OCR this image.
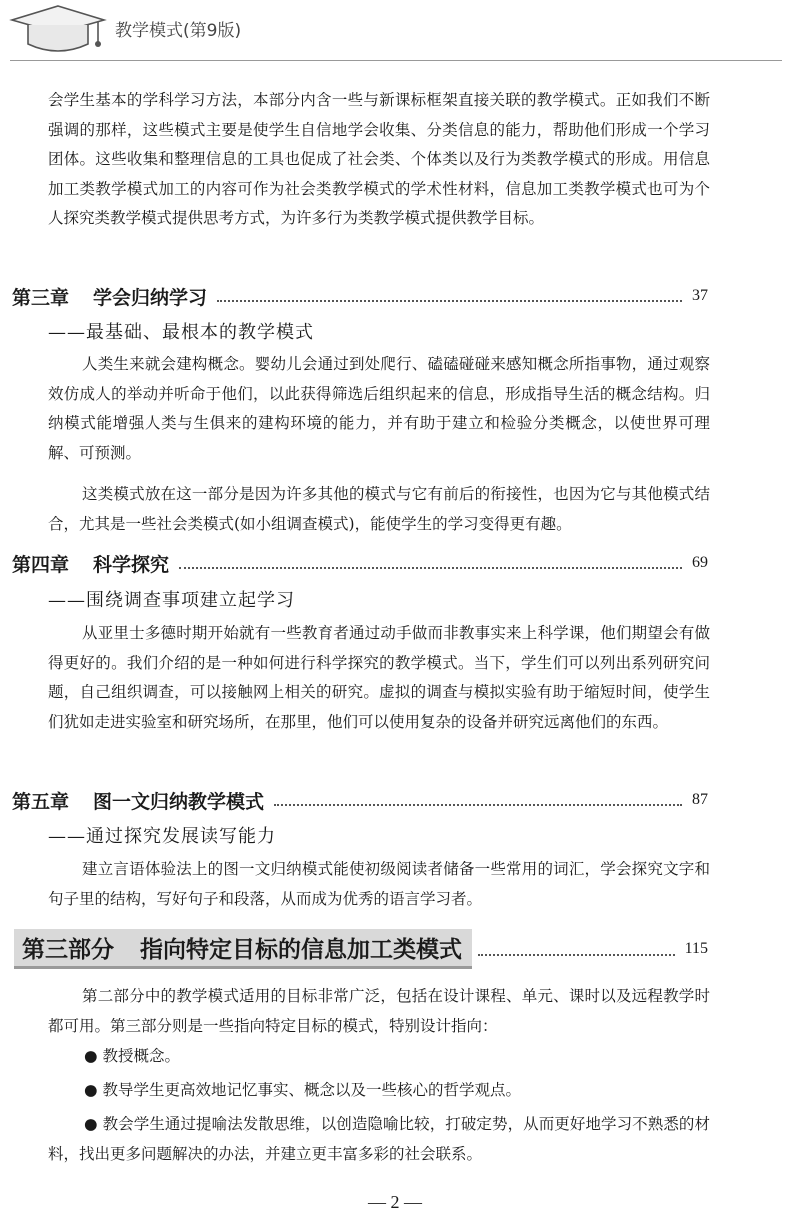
教学模式(第9版)

会学生基本的学科学习方法，本部分内含一些与新课标框架直接关联的教学模式。正如我们不断强调的那样，这些模式主要是使学生自信地学会收集、分类信息的能力，帮助他们形成一个学习团体。这些收集和整理信息的工具也促成了社会类、个体类以及行为类教学模式的形成。用信息加工类教学模式加工的内容可作为社会类教学模式的学术性材料，信息加工类教学模式也可为个人探究类教学模式提供思考方式，为许多行为类教学模式提供教学目标。

第三章 学会归纳学习	37
——最基础、最根本的教学模式

人类生来就会建构概念。婴幼儿会通过到处爬行、磕磕碰碰来感知概念所指事物，通过观察效仿成人的举动并听命于他们，以此获得筛选后组织起来的信息，形成指导生活的概念结构。归纳模式能增强人类与生俱来的建构环境的能力，并有助于建立和检验分类概念，以使世界可理解、可预测。

这类模式放在这一部分是因为许多其他的模式与它有前后的衔接性，也因为它与其他模式结合，尤其是一些社会类模式(如小组调查模式)，能使学生的学习变得更有趣。

第四章 科学探究	69
——围绕调查事项建立起学习

从亚里士多德时期开始就有一些教育者通过动手做而非教事实来上科学课，他们期望会有做得更好的。我们介绍的是一种如何进行科学探究的教学模式。当下，学生们可以列出系列研究问题，自己组织调查，可以接触网上相关的研究。虚拟的调查与模拟实验有助于缩短时间，使学生们犹如走进实验室和研究场所，在那里，他们可以使用复杂的设备并研究远离他们的东西。

第五章 图一文归纳教学模式	87
——通过探究发展读写能力

建立言语体验法上的图一文归纳模式能使初级阅读者储备一些常用的词汇，学会探究文字和句子里的结构，写好句子和段落，从而成为优秀的语言学习者。

第三部分 指向特定目标的信息加工类模式	115

第二部分中的教学模式适用的目标非常广泛，包括在设计课程、单元、课时以及远程教学时都可用。第三部分则是一些指向特定目标的模式，特别设计指向：

● 教授概念。

● 教导学生更高效地记忆事实、概念以及一些核心的哲学观点。

● 教会学生通过提喻法发散思维，以创造隐喻比较，打破定势，从而更好地学习不熟悉的材料，找出更多问题解决的办法，并建立更丰富多彩的社会联系。

— 2 —
